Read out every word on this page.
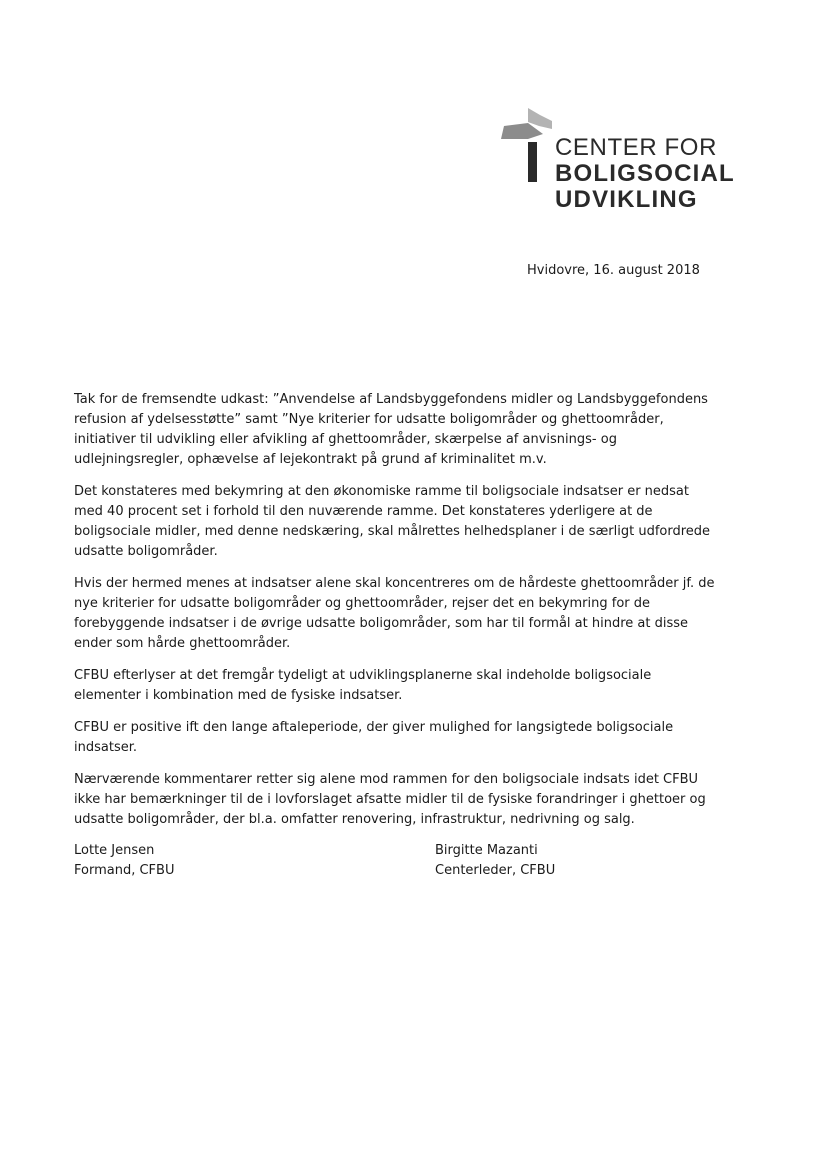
CENTER FOR
BOLIGSOCIAL
UDVIKLING
Hvidovre, 16. august 2018

Tak for de fremsendte udkast: ”Anvendelse af Landsbyggefondens midler og Landsbyggefondens refusion af ydelsesstøtte” samt ”Nye kriterier for udsatte boligområder og ghettoområder, initiativer til udvikling eller afvikling af ghettoområder, skærpelse af anvisnings- og udlejningsregler, ophævelse af lejekontrakt på grund af kriminalitet m.v.

Det konstateres med bekymring at den økonomiske ramme til boligsociale indsatser er nedsat med 40 procent set i forhold til den nuværende ramme. Det konstateres yderligere at de boligsociale midler, med denne nedskæring, skal målrettes helhedsplaner i de særligt udfordrede udsatte boligområder.

Hvis der hermed menes at indsatser alene skal koncentreres om de hårdeste ghettoområder jf. de nye kriterier for udsatte boligområder og ghettoområder, rejser det en bekymring for de forebyggende indsatser i de øvrige udsatte boligområder, som har til formål at hindre at disse ender som hårde ghettoområder.

CFBU efterlyser at det fremgår tydeligt at udviklingsplanerne skal indeholde boligsociale elementer i kombination med de fysiske indsatser.

CFBU er positive ift den lange aftaleperiode, der giver mulighed for langsigtede boligsociale indsatser.

Nærværende kommentarer retter sig alene mod rammen for den boligsociale indsats idet CFBU ikke har bemærkninger til de i lovforslaget afsatte midler til de fysiske forandringer i ghettoer og udsatte boligområder, der bl.a. omfatter renovering, infrastruktur, nedrivning og salg.

Lotte Jensen
Formand, CFBU
Birgitte Mazanti
Centerleder, CFBU
